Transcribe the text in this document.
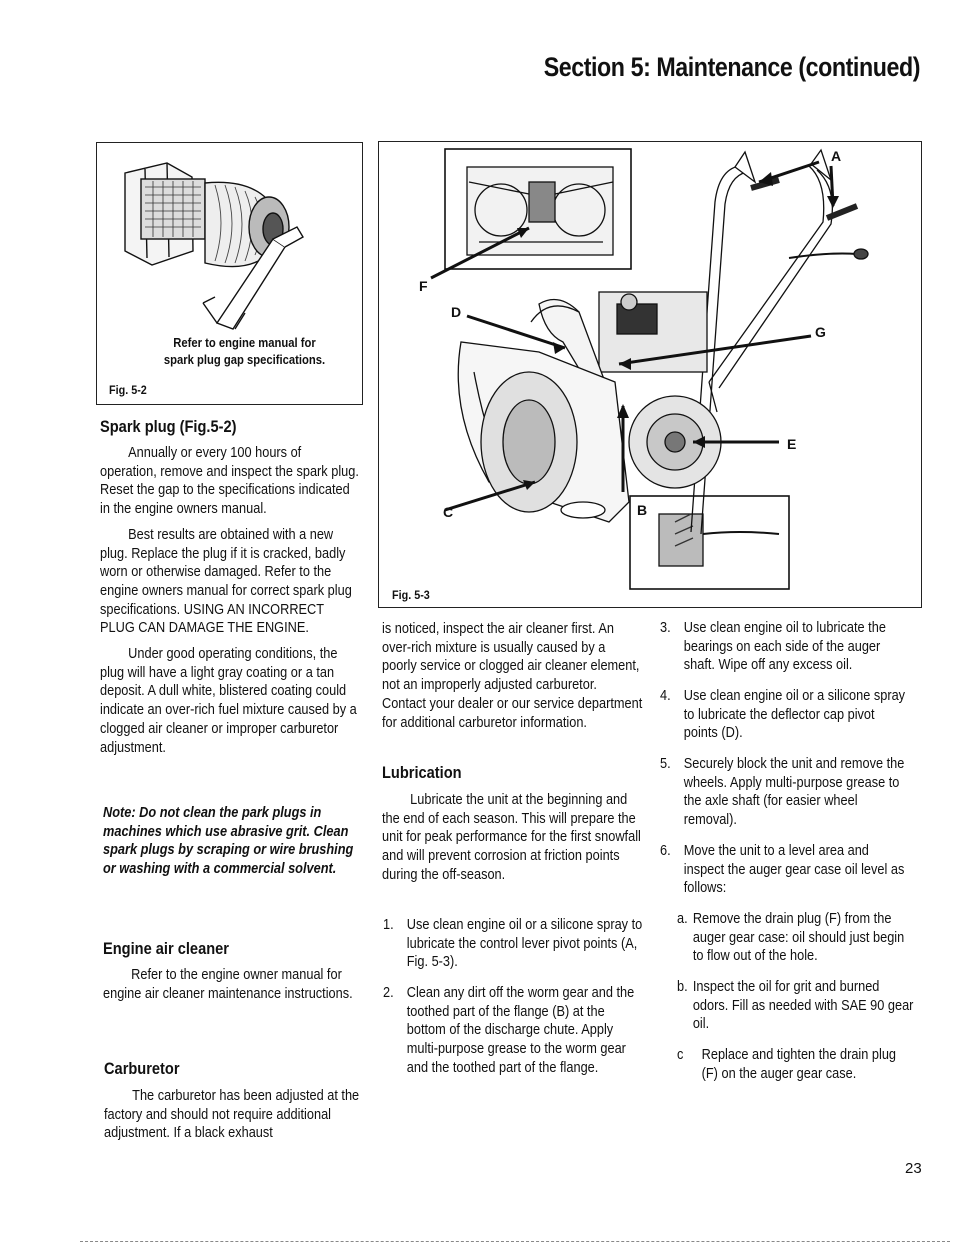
Section 5: Maintenance (continued)
Refer to engine manual for
spark plug gap specifications.
Fig. 5-2
A
F
D
G
E
C	B
Fig. 5-3
Spark plug (Fig.5-2)

Annually or every 100 hours of operation, remove and inspect the spark plug. Reset the gap to the specifications indicated in the engine owners manual.

Best results are obtained with a new plug. Replace the plug if it is cracked, badly worn or otherwise damaged. Refer to the engine owners manual for correct spark plug specifications. USING AN INCORRECT PLUG CAN DAMAGE THE ENGINE.

Under good operating conditions, the plug will have a light gray coating or a tan deposit. A dull white, blistered coating could indicate an over-rich fuel mixture caused by a clogged air cleaner or improper carburetor adjustment.

Note: Do not clean the park plugs in machines which use abrasive grit. Clean spark plugs by scraping or wire brushing or washing with a commercial solvent.
Engine air cleaner

Refer to the engine owner manual for engine air cleaner maintenance instructions.

Carburetor

The carburetor has been adjusted at the factory and should not require additional adjustment. If a black exhaust

is noticed, inspect the air cleaner first. An over-rich mixture is usually caused by a poorly service or clogged air cleaner element, not an improperly adjusted carburetor. Contact your dealer or our service department for additional carburetor information.

Lubrication

Lubricate the unit at the beginning and the end of each season. This will prepare the unit for peak performance for the first snowfall and will prevent corrosion at friction points during the off-season.

1. Use clean engine oil or a silicone spray to lubricate the control lever pivot points (A, Fig. 5-3).
2. Clean any dirt off the worm gear and the toothed part of the flange (B) at the bottom of the discharge chute. Apply multi-purpose grease to the worm gear and the toothed part of the flange.
3. Use clean engine oil to lubricate the bearings on each side of the auger shaft. Wipe off any excess oil.
4. Use clean engine oil or a silicone spray to lubricate the deflector cap pivot points (D).
5. Securely block the unit and remove the wheels. Apply multi-purpose grease to the axle shaft (for easier wheel removal).
6. Move the unit to a level area and inspect the auger gear case oil level as follows:
a. Remove the drain plug (F) from the auger gear case: oil should just begin to flow out of the hole.
b. Inspect the oil for grit and burned odors. Fill as needed with SAE 90 gear oil.
c Replace and tighten the drain plug (F) on the auger gear case.
23
